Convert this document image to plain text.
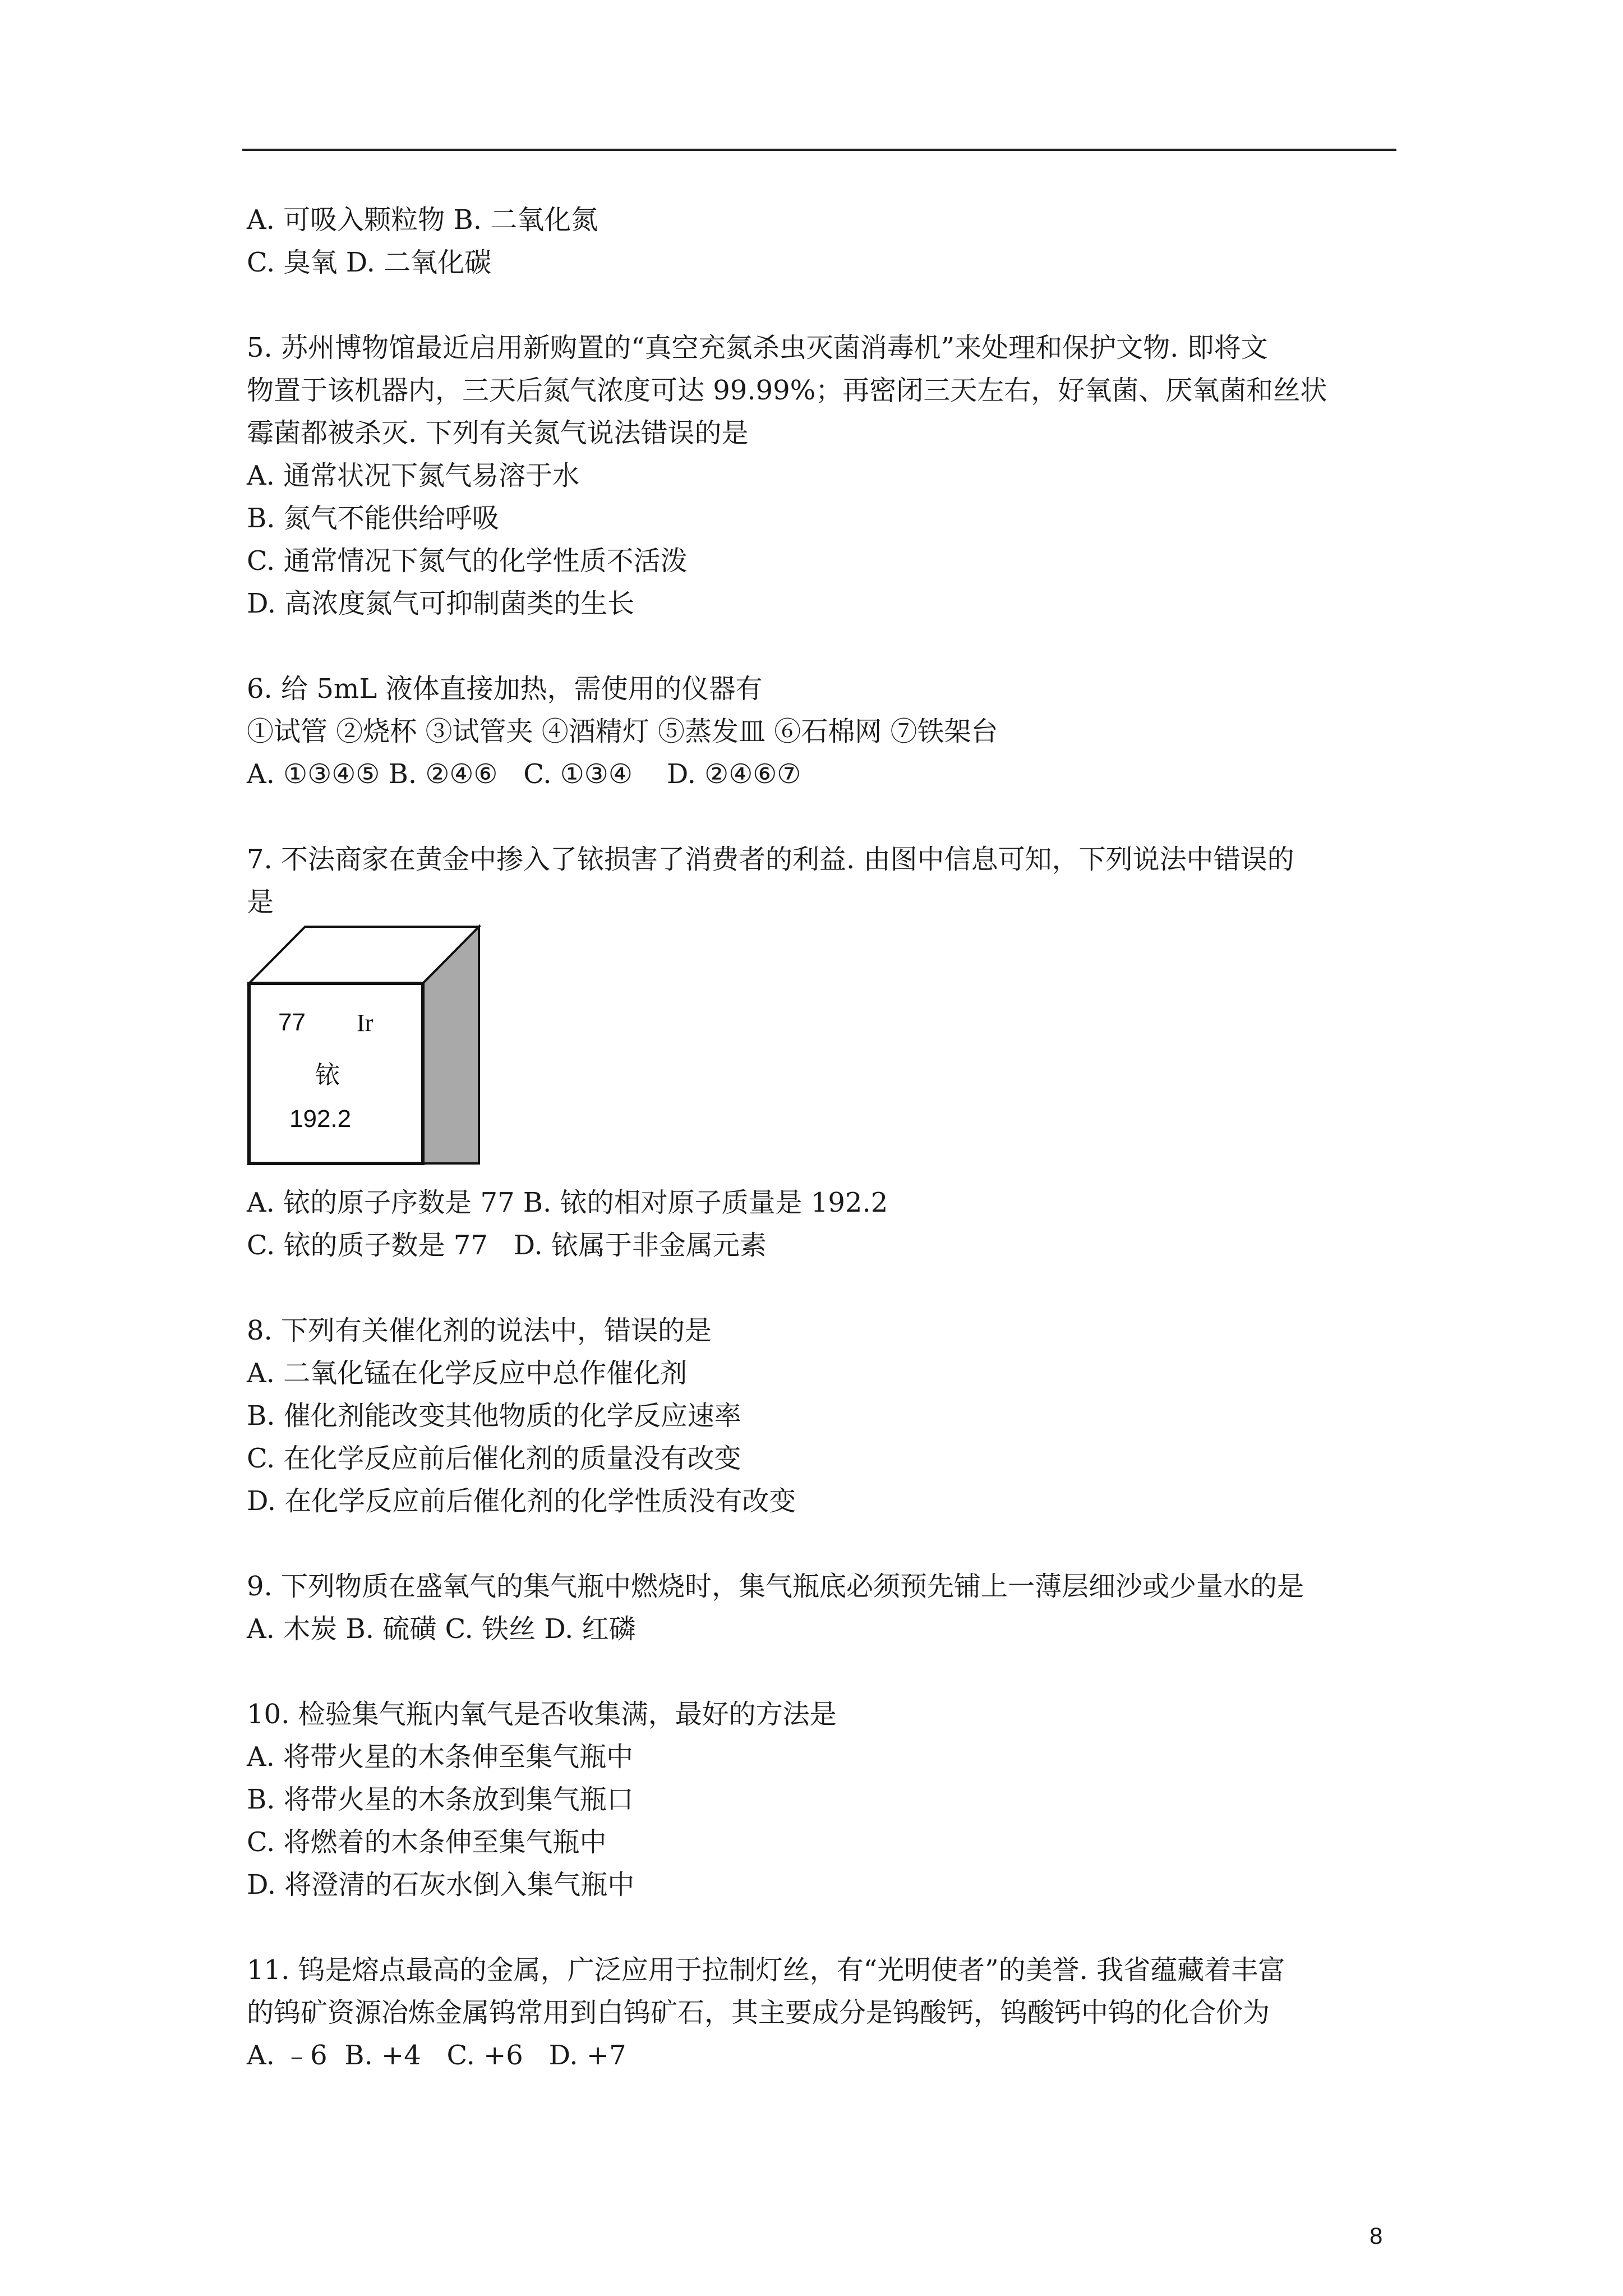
A. 可吸入颗粒物 B. 二氧化氮
C. 臭氧 D. 二氧化碳
5. 苏州博物馆最近启用新购置的“真空充氮杀虫灭菌消毒机”来处理和保护文物. 即将文
物置于该机器内，三天后氮气浓度可达 99.99%；再密闭三天左右，好氧菌、厌氧菌和丝状
霉菌都被杀灭. 下列有关氮气说法错误的是
A. 通常状况下氮气易溶于水
B. 氮气不能供给呼吸
C. 通常情况下氮气的化学性质不活泼
D. 高浓度氮气可抑制菌类的生长
6. 给 5mL 液体直接加热，需使用的仪器有
①试管 ②烧杯 ③试管夹 ④酒精灯 ⑤蒸发皿 ⑥石棉网 ⑦铁架台
A. ①③④⑤ B. ②④⑥   C. ①③④    D. ②④⑥⑦
7. 不法商家在黄金中掺入了铱损害了消费者的利益. 由图中信息可知，下列说法中错误的
是
77 Ir
铱
192.2
A. 铱的原子序数是 77 B. 铱的相对原子质量是 192.2
C. 铱的质子数是 77   D. 铱属于非金属元素
8. 下列有关催化剂的说法中，错误的是
A. 二氧化锰在化学反应中总作催化剂
B. 催化剂能改变其他物质的化学反应速率
C. 在化学反应前后催化剂的质量没有改变
D. 在化学反应前后催化剂的化学性质没有改变
9. 下列物质在盛氧气的集气瓶中燃烧时，集气瓶底必须预先铺上一薄层细沙或少量水的是
A. 木炭 B. 硫磺 C. 铁丝 D. 红磷
10. 检验集气瓶内氧气是否收集满，最好的方法是
A. 将带火星的木条伸至集气瓶中
B. 将带火星的木条放到集气瓶口
C. 将燃着的木条伸至集气瓶中
D. 将澄清的石灰水倒入集气瓶中
11. 钨是熔点最高的金属，广泛应用于拉制灯丝，有“光明使者”的美誉. 我省蕴藏着丰富
的钨矿资源冶炼金属钨常用到白钨矿石，其主要成分是钨酸钙，钨酸钙中钨的化合价为
A. ﹣6  B. +4   C. +6   D. +7
8
